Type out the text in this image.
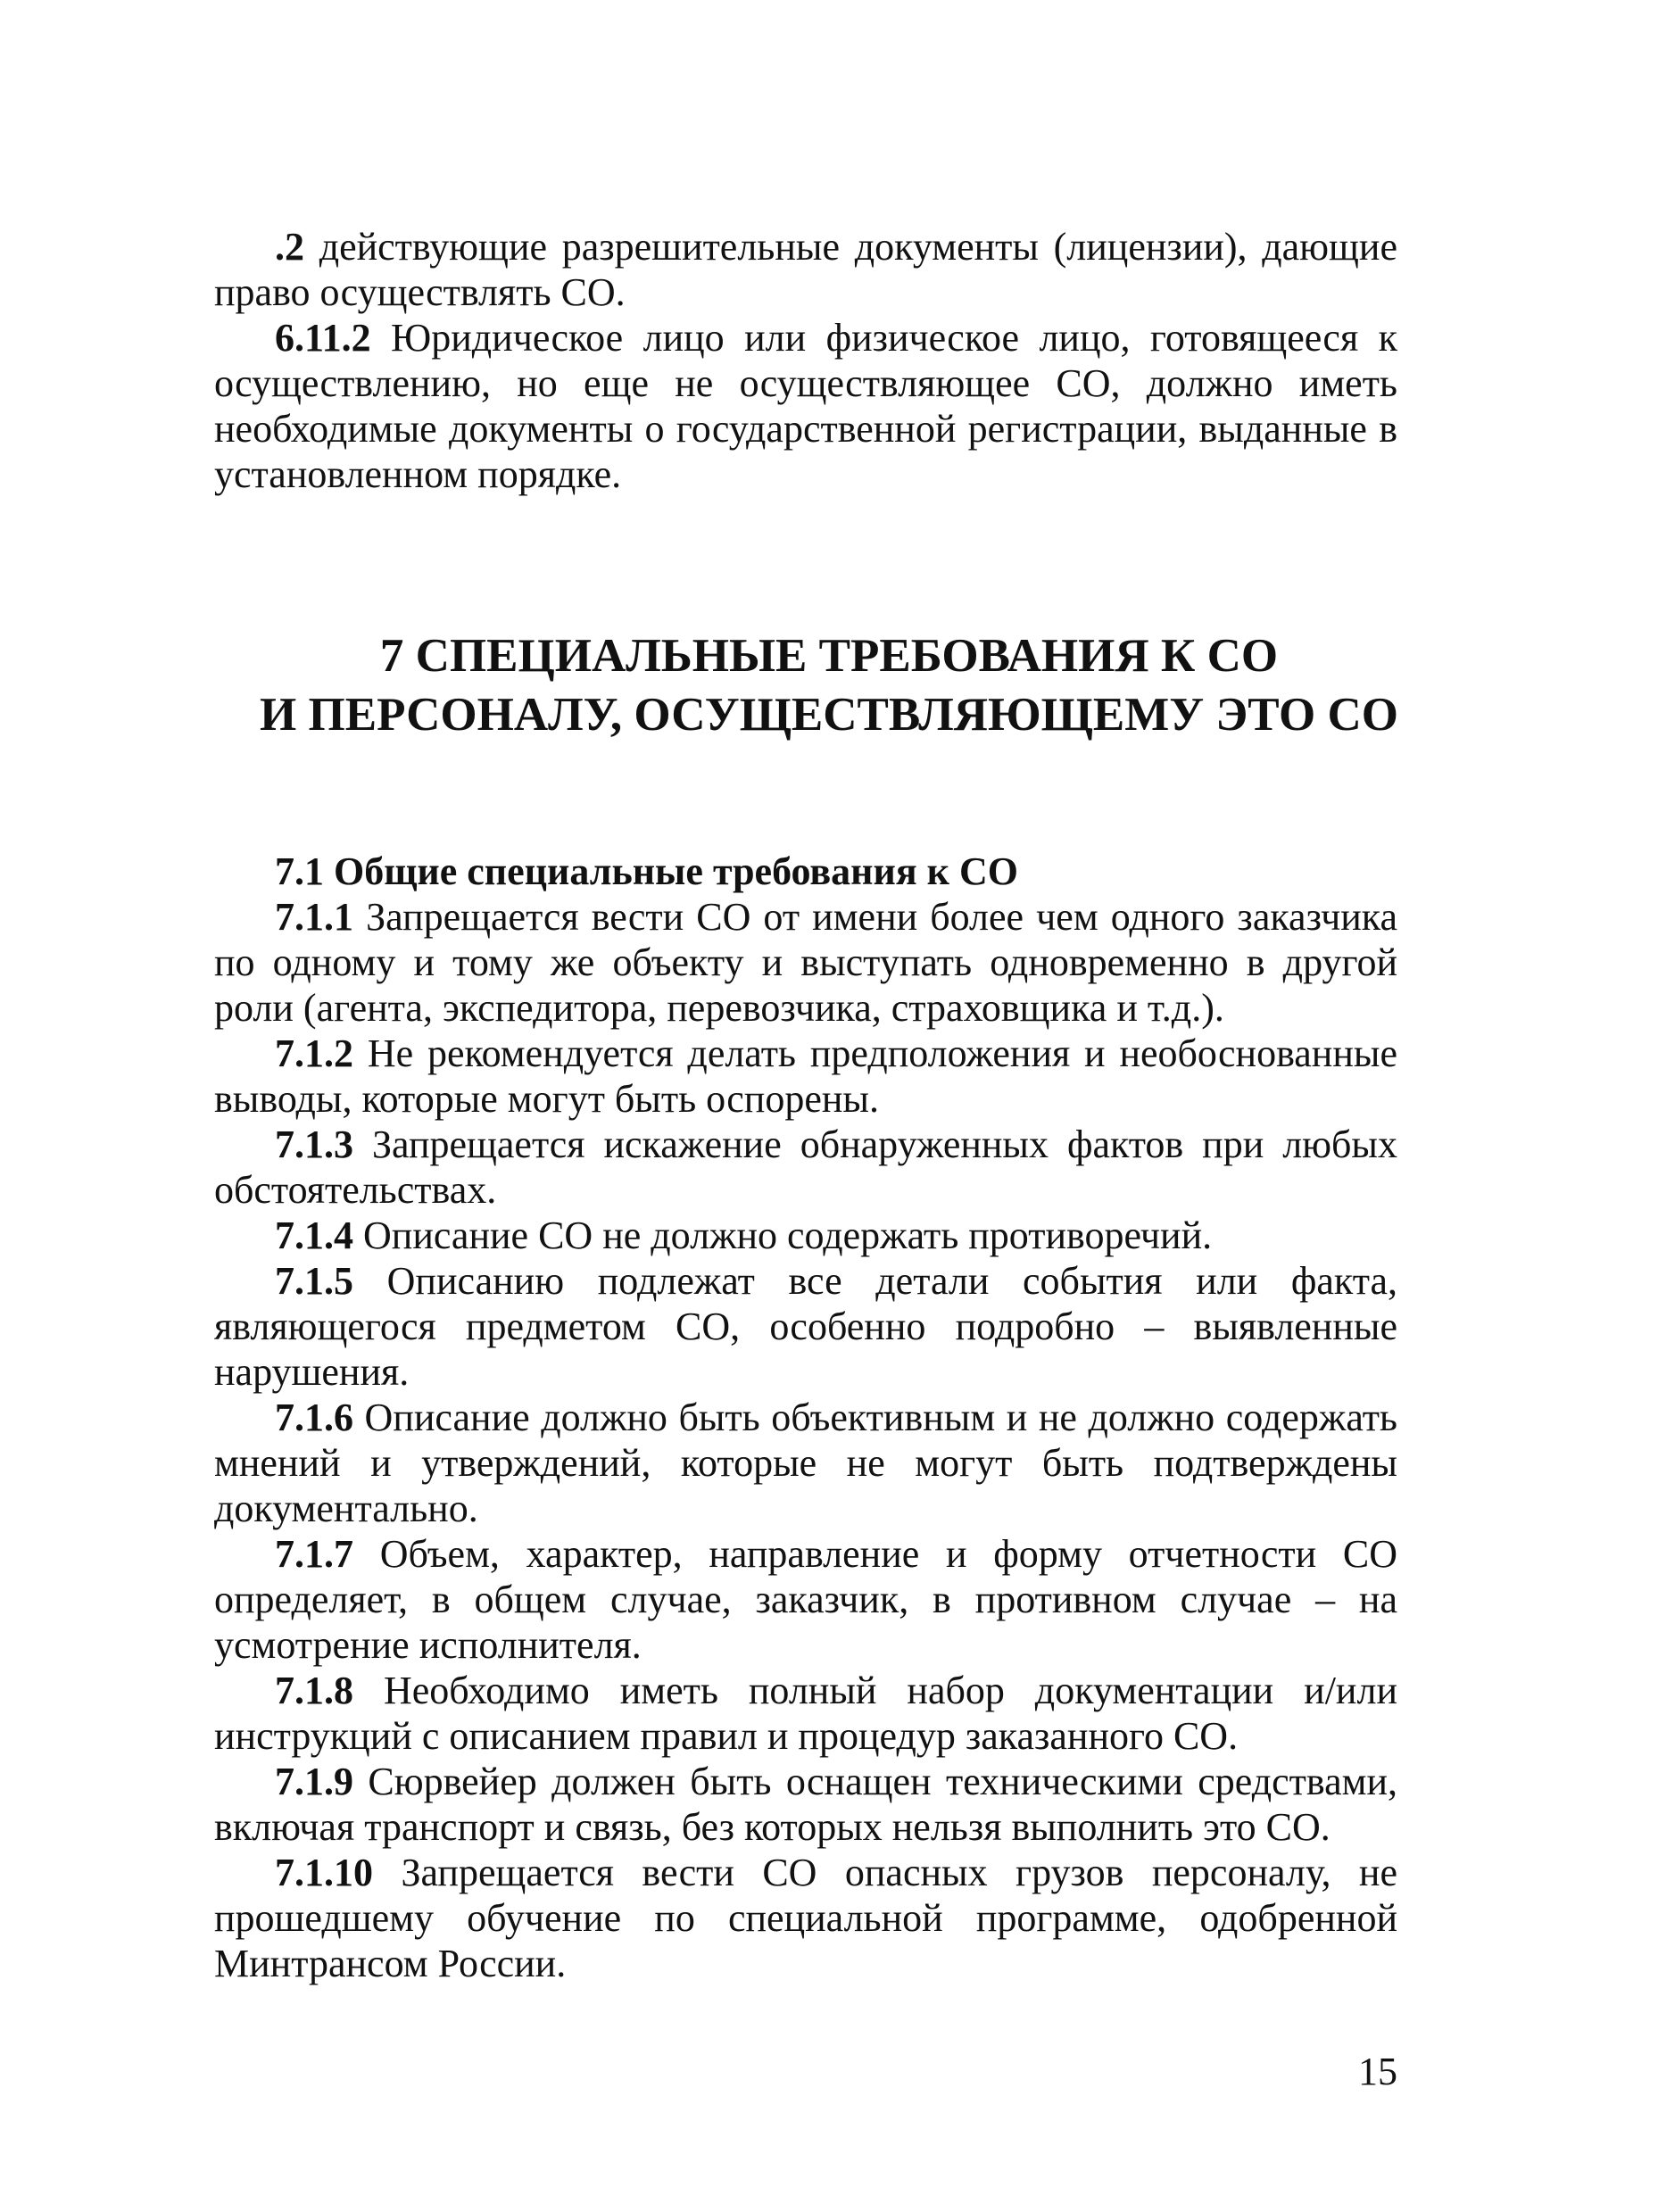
.2 действующие разрешительные документы (лицензии), дающие право осуществлять СО.

6.11.2 Юридическое лицо или физическое лицо, готовящееся к осуществлению, но еще не осуществляющее СО, должно иметь необходимые документы о государственной регистрации, выданные в установленном порядке.

7 СПЕЦИАЛЬНЫЕ ТРЕБОВАНИЯ К СО
И ПЕРСОНАЛУ, ОСУЩЕСТВЛЯЮЩЕМУ ЭТО СО

7.1 Общие специальные требования к СО

7.1.1 Запрещается вести СО от имени более чем одного заказчика по одному и тому же объекту и выступать одновременно в другой роли (агента, экспедитора, перевозчика, страховщика и т.д.).

7.1.2 Не рекомендуется делать предположения и необоснованные выводы, которые могут быть оспорены.

7.1.3 Запрещается искажение обнаруженных фактов при любых обстоятельствах.

7.1.4 Описание СО не должно содержать противоречий.

7.1.5 Описанию подлежат все детали события или факта, являющегося предметом СО, особенно подробно – выявленные нарушения.

7.1.6 Описание должно быть объективным и не должно содержать мнений и утверждений, которые не могут быть подтверждены документально.

7.1.7 Объем, характер, направление и форму отчетности СО определяет, в общем случае, заказчик, в противном случае – на усмотрение исполнителя.

7.1.8 Необходимо иметь полный набор документации и/или инструкций с описанием правил и процедур заказанного СО.

7.1.9 Сюрвейер должен быть оснащен техническими средствами, включая транспорт и связь, без которых нельзя выполнить это СО.

7.1.10 Запрещается вести СО опасных грузов персоналу, не прошедшему обучение по специальной программе, одобренной Минтрансом России.

15
